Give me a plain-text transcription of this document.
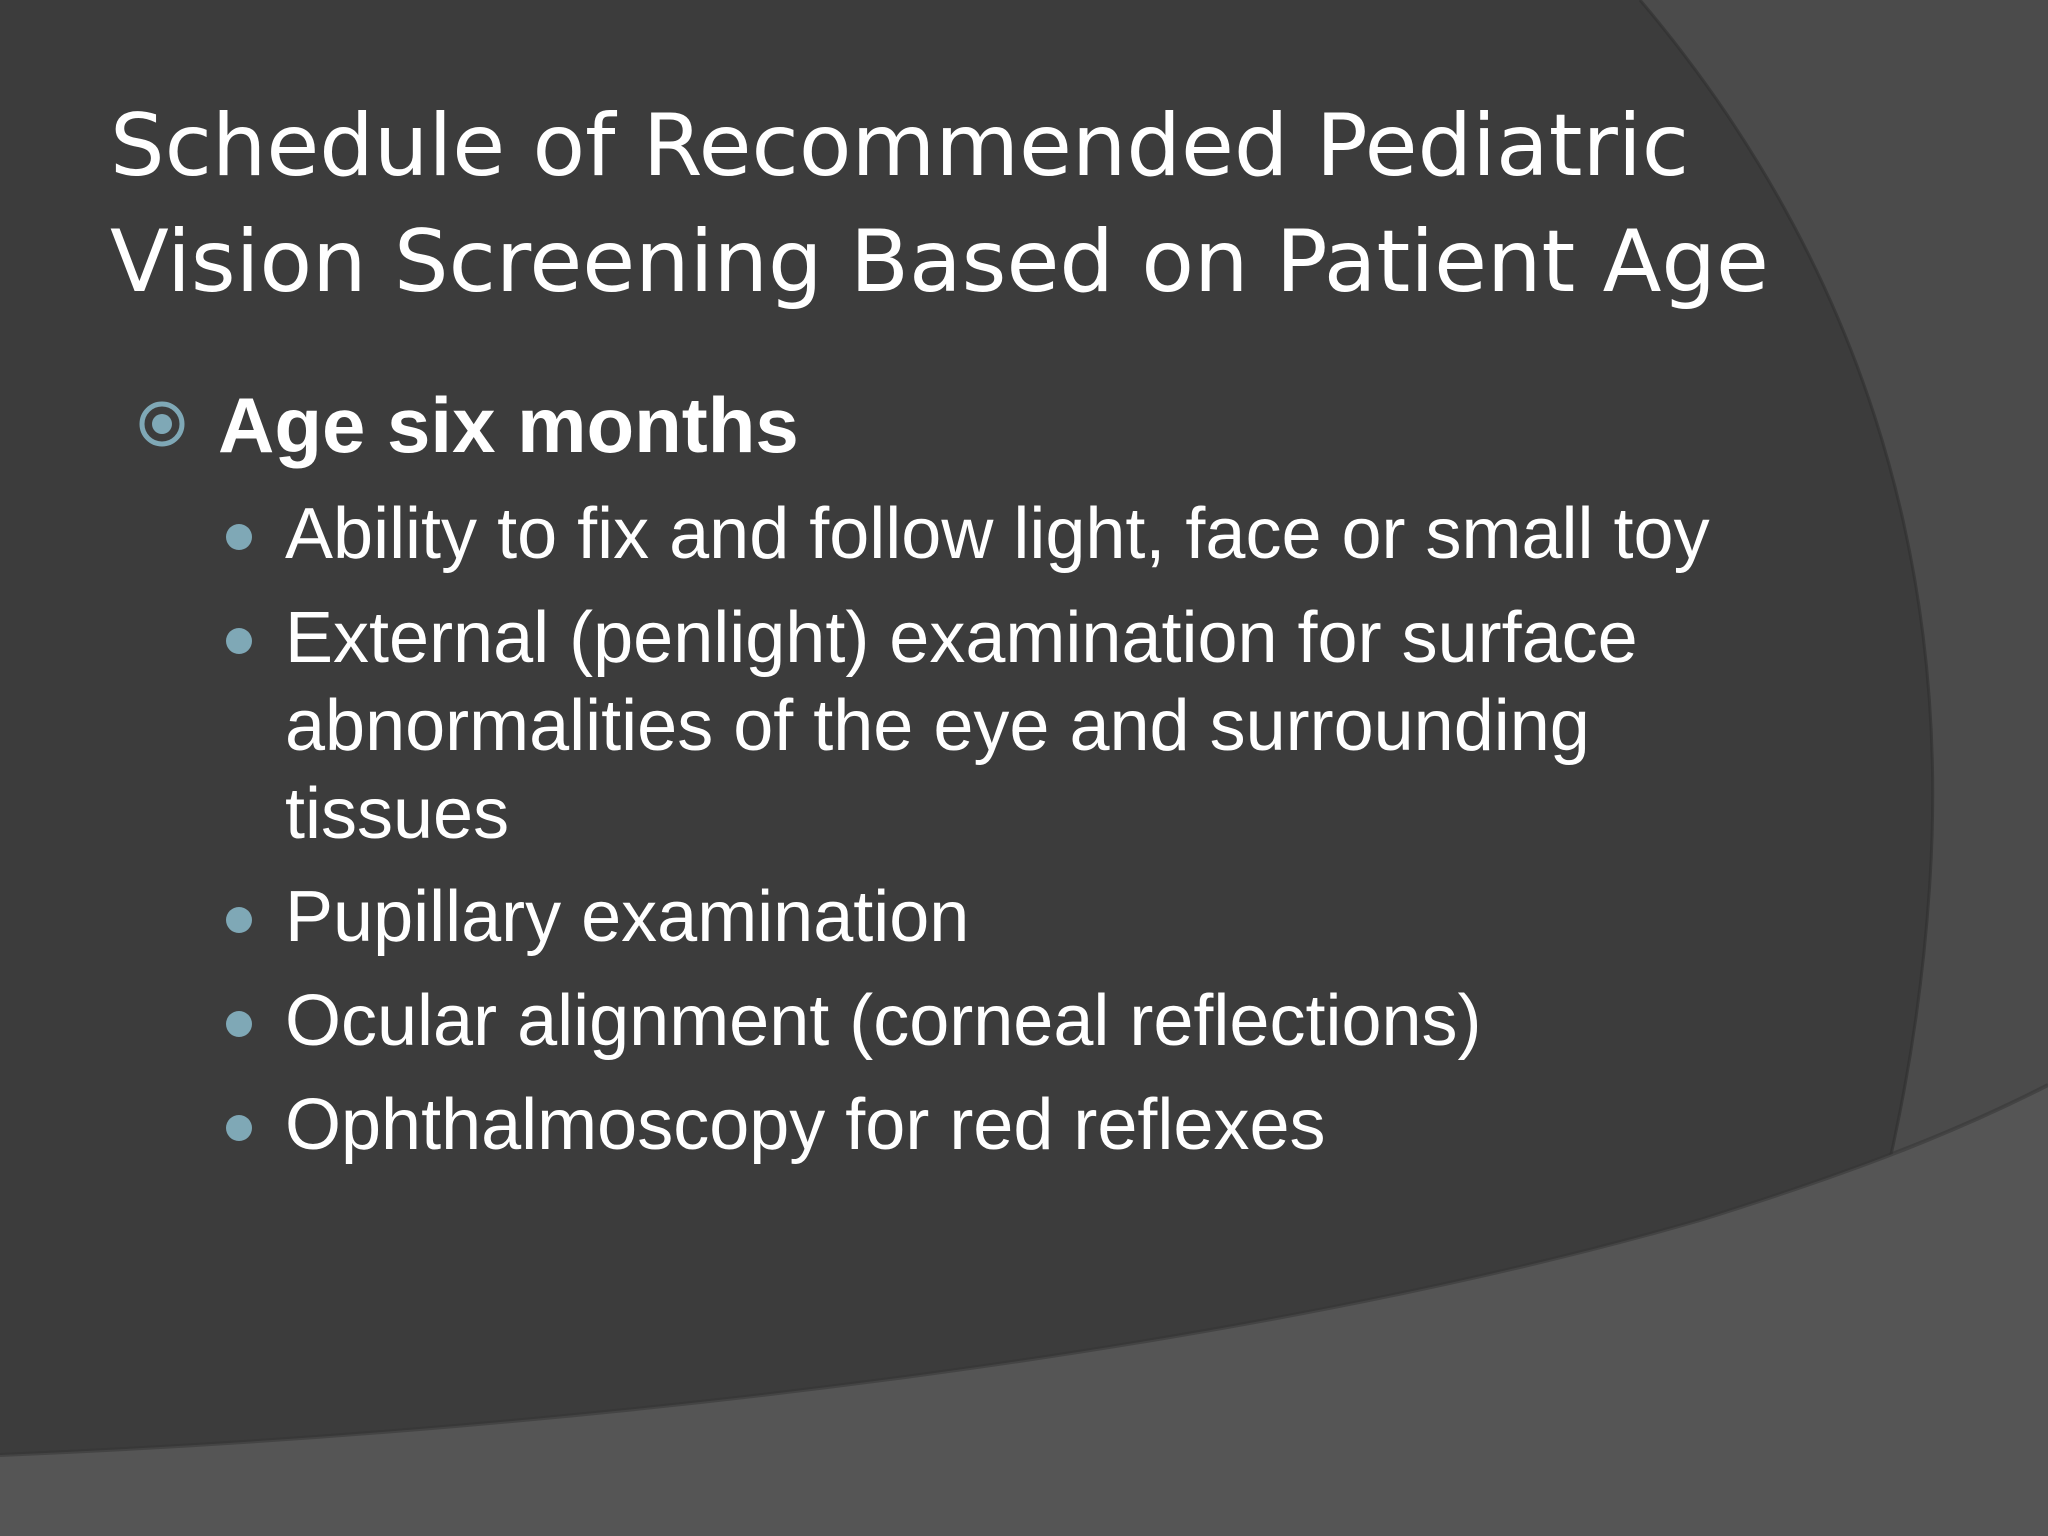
Schedule of Recommended Pediatric
Vision Screening Based on Patient Age
Age six months
Ability to fix and follow light, face or small toy
External (penlight) examination for surface abnormalities of the eye and surrounding tissues
Pupillary examination
Ocular alignment (corneal reflections)
Ophthalmoscopy for red reflexes
